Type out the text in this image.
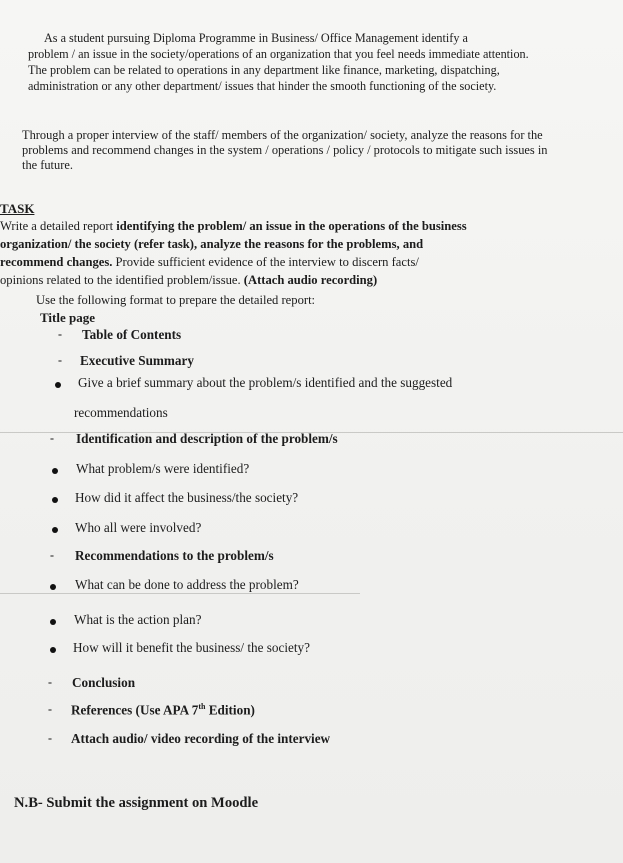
As a student pursuing Diploma Programme in Business/ Office Management identify a
problem / an issue in the society/operations of an organization that you feel needs immediate attention. The problem can be related to operations in any department like finance, marketing, dispatching, administration or any other department/ issues that hinder the smooth functioning of the society.
Through a proper interview of the staff/ members of the organization/ society, analyze the reasons for the problems and recommend changes in the system / operations / policy / protocols to mitigate such issues in the future.
TASK
Write a detailed report identifying the problem/ an issue in the operations of the business
organization/ the society (refer task), analyze the reasons for the problems, and
recommend changes. Provide sufficient evidence of the interview to discern facts/
opinions related to the identified problem/issue. (Attach audio recording)
Use the following format to prepare the detailed report:
Title page
- Table of Contents
- Executive Summary
Give a brief summary about the problem/s identified and the suggested
recommendations
- Identification and description of the problem/s
What problem/s were identified?
How did it affect the business/the society?
Who all were involved?
- Recommendations to the problem/s
What can be done to address the problem?
What is the action plan?
How will it benefit the business/ the society?
- Conclusion
- References (Use APA 7th Edition)
- Attach audio/ video recording of the interview
N.B- Submit the assignment on Moodle
